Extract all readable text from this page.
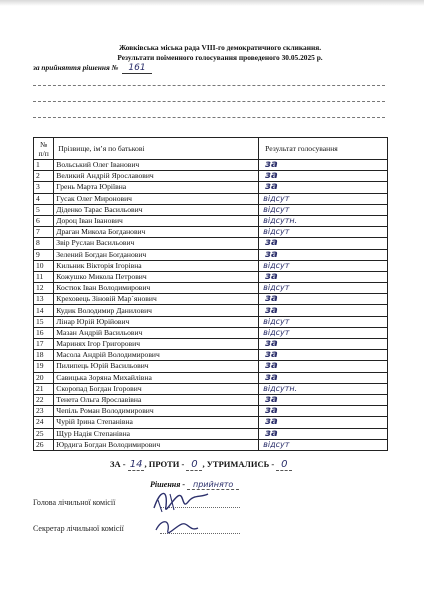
Жовківська міська рада VIII-го демократичного скликання.
Результати поіменного голосування проведеного 30.05.2025 р.
за прийняття рішення № 161
№ п/п	Прізвище, ім’я по батькові	Результат голосування
1	Вольський Олег Іванович	за
2	Великий Андрій Ярославович	за
3	Грень Марта Юріївна	за
4	Гусак Олег Миронович	відсут
5	Діденко Тарас Васильович	відсут
6	Дороц Іван Іванович	відсутн.
7	Драган Микола Богданович	відсут
8	Звір Руслан Васильович	за
9	Зелений Богдан Богданович	за
10	Кильник Вікторія Ігорівна	відсут
11	Кожушко Микола Петрович	за
12	Костюк Іван Володимирович	відсут
13	Креховець Зіновій Мар`янович	за
14	Кудик Володимир Данилович	за
15	Лінар Юрій Юрійович	відсут
16	Мазан Андрій Васильович	відсут
17	Маринях Ігор Григорович	за
18	Масола Андрій Володимирович	за
19	Пилипець Юрій Васильович	за
20	Савицька Зоряна Михайлівна	за
21	Скоропад Богдан Ігорович	відсутн.
22	Тенета Ольга Ярославівна	за
23	Чепіль Роман Володимирович	за
24	Чурій Ірина Степанівна	за
25	Щур Надія Степанівна	за
26	Юрдига Богдан Володимирович	відсут
ЗА - 14 , ПРОТИ - 0 , УТРИМАЛИСЬ - 0
Рішення - прийнято
Голова лічильної комісії
Секретар лічильної комісії
